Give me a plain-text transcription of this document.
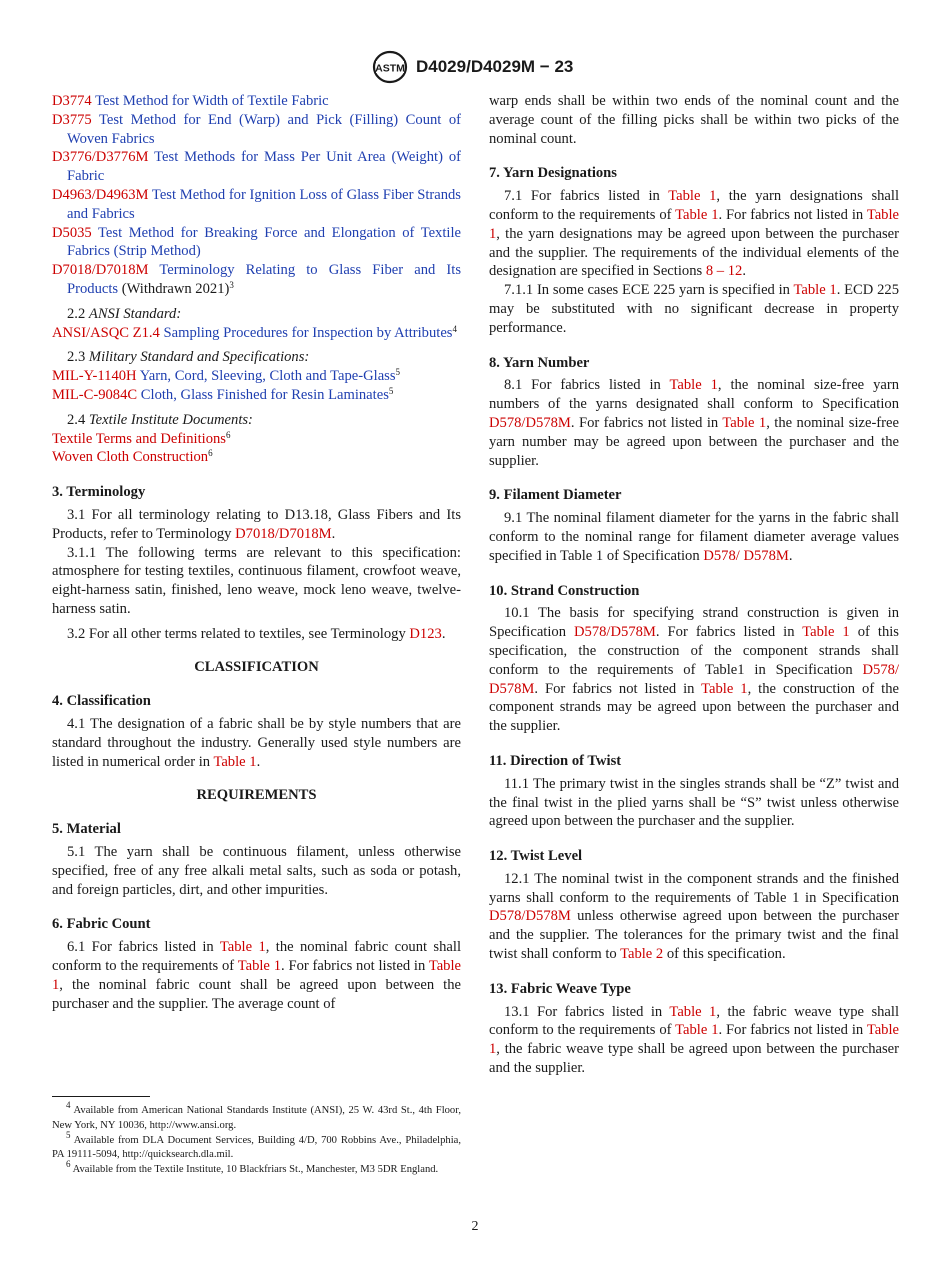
ASTM D4029/D4029M − 23

D3774 Test Method for Width of Textile Fabric

D3775 Test Method for End (Warp) and Pick (Filling) Count of Woven Fabrics

D3776/D3776M Test Methods for Mass Per Unit Area (Weight) of Fabric

D4963/D4963M Test Method for Ignition Loss of Glass Fiber Strands and Fabrics

D5035 Test Method for Breaking Force and Elongation of Textile Fabrics (Strip Method)

D7018/D7018M Terminology Relating to Glass Fiber and Its Products (Withdrawn 2021)$^3$

2.2 ANSI Standard:

ANSI/ASQC Z1.4 Sampling Procedures for Inspection by Attributes$^4$

2.3 Military Standard and Specifications:

MIL-Y-1140H Yarn, Cord, Sleeving, Cloth and Tape-Glass$^5$

MIL-C-9084C Cloth, Glass Finished for Resin Laminates$^5$

2.4 Textile Institute Documents:

Textile Terms and Definitions$^6$

Woven Cloth Construction$^6$

3. Terminology

3.1 For all terminology relating to D13.18, Glass Fibers and Its Products, refer to Terminology D7018/D7018M.

3.1.1 The following terms are relevant to this specification: atmosphere for testing textiles, continuous filament, crowfoot weave, eight-harness satin, finished, leno weave, mock leno weave, twelve-harness satin.

3.2 For all other terms related to textiles, see Terminology D123.

CLASSIFICATION

4. Classification

4.1 The designation of a fabric shall be by style numbers that are standard throughout the industry. Generally used style numbers are listed in numerical order in Table 1.

REQUIREMENTS

5. Material

5.1 The yarn shall be continuous filament, unless otherwise specified, free of any free alkali metal salts, such as soda or potash, and foreign particles, dirt, and other impurities.

6. Fabric Count

6.1 For fabrics listed in Table 1, the nominal fabric count shall conform to the requirements of Table 1. For fabrics not listed in Table 1, the nominal fabric count shall be agreed upon between the purchaser and the supplier. The average count of

$^4$ Available from American National Standards Institute (ANSI), 25 W. 43rd St., 4th Floor, New York, NY 10036, http://www.ansi.org.

$^5$ Available from DLA Document Services, Building 4/D, 700 Robbins Ave., Philadelphia, PA 19111-5094, http://quicksearch.dla.mil.

$^6$ Available from the Textile Institute, 10 Blackfriars St., Manchester, M3 5DR England.

warp ends shall be within two ends of the nominal count and the average count of the filling picks shall be within two picks of the nominal count.

7. Yarn Designations

7.1 For fabrics listed in Table 1, the yarn designations shall conform to the requirements of Table 1. For fabrics not listed in Table 1, the yarn designations may be agreed upon between the purchaser and the supplier. The requirements of the individual elements of the designation are specified in Sections 8 – 12.

7.1.1 In some cases ECE 225 yarn is specified in Table 1. ECD 225 may be substituted with no significant decrease in property performance.

8. Yarn Number

8.1 For fabrics listed in Table 1, the nominal size-free yarn numbers of the yarns designated shall conform to Specification D578/D578M. For fabrics not listed in Table 1, the nominal size-free yarn number may be agreed upon between the purchaser and the supplier.

9. Filament Diameter

9.1 The nominal filament diameter for the yarns in the fabric shall conform to the nominal range for filament diameter average values specified in Table 1 of Specification D578/ D578M.

10. Strand Construction

10.1 The basis for specifying strand construction is given in Specification D578/D578M. For fabrics listed in Table 1 of this specification, the construction of the component strands shall conform to the requirements of Table1 in Specification D578/ D578M. For fabrics not listed in Table 1, the construction of the component strands may be agreed upon between the purchaser and the supplier.

11. Direction of Twist

11.1 The primary twist in the singles strands shall be “Z” twist and the final twist in the plied yarns shall be “S” twist unless otherwise agreed upon between the purchaser and the supplier.

12. Twist Level

12.1 The nominal twist in the component strands and the finished yarns shall conform to the requirements of Table 1 in Specification D578/D578M unless otherwise agreed upon between the purchaser and the supplier. The tolerances for the primary twist and the final twist shall conform to Table 2 of this specification.

13. Fabric Weave Type

13.1 For fabrics listed in Table 1, the fabric weave type shall conform to the requirements of Table 1. For fabrics not listed in Table 1, the fabric weave type shall be agreed upon between the purchaser and the supplier.

2
